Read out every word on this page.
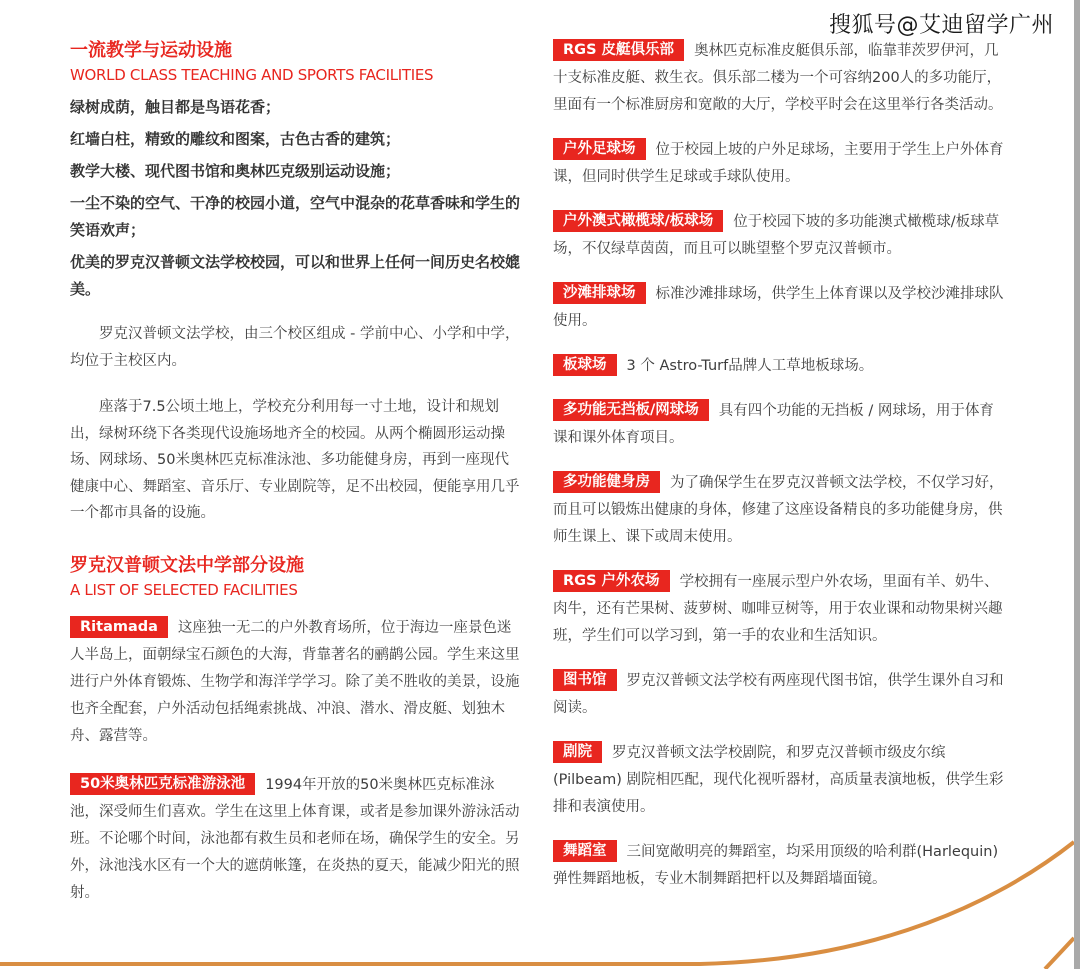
搜狐号@艾迪留学广州
一流教学与运动设施
WORLD CLASS TEACHING AND SPORTS FACILITIES

绿树成荫，触目都是鸟语花香；

红墙白柱，精致的雕纹和图案，古色古香的建筑；

教学大楼、现代图书馆和奥林匹克级别运动设施；

一尘不染的空气、干净的校园小道，空气中混杂的花草香味和学生的笑语欢声；

优美的罗克汉普顿文法学校校园，可以和世界上任何一间历史名校媲美。

罗克汉普顿文法学校，由三个校区组成 - 学前中心、小学和中学，均位于主校区内。

座落于7.5公顷土地上，学校充分利用每一寸土地，设计和规划出，绿树环绕下各类现代设施场地齐全的校园。从两个椭圆形运动操场、网球场、50米奥林匹克标准泳池、多功能健身房，再到一座现代健康中心、舞蹈室、音乐厅、专业剧院等，足不出校园，便能享用几乎一个都市具备的设施。

罗克汉普顿文法中学部分设施
A LIST OF SELECTED FACILITIES

Ritamada 这座独一无二的户外教育场所，位于海边一座景色迷人半岛上，面朝绿宝石颜色的大海，背靠著名的鹂鹋公园。学生来这里进行户外体育锻炼、生物学和海洋学学习。除了美不胜收的美景，设施也齐全配套，户外活动包括绳索挑战、冲浪、潜水、滑皮艇、划独木舟、露营等。

50米奥林匹克标准游泳池 1994年开放的50米奥林匹克标准泳池，深受师生们喜欢。学生在这里上体育课，或者是参加课外游泳活动班。不论哪个时间，泳池都有救生员和老师在场，确保学生的安全。另外，泳池浅水区有一个大的遮荫帐篷，在炎热的夏天，能减少阳光的照射。

RGS 皮艇俱乐部 奥林匹克标准皮艇俱乐部，临靠菲茨罗伊河，几十支标准皮艇、救生衣。俱乐部二楼为一个可容纳200人的多功能厅，里面有一个标准厨房和宽敞的大厅，学校平时会在这里举行各类活动。

户外足球场 位于校园上坡的户外足球场，主要用于学生上户外体育课，但同时供学生足球或手球队使用。

户外澳式橄榄球/板球场 位于校园下坡的多功能澳式橄榄球/板球草场，不仅绿草茵茵，而且可以眺望整个罗克汉普顿市。

沙滩排球场 标准沙滩排球场，供学生上体育课以及学校沙滩排球队使用。

板球场 3 个 Astro-Turf品牌人工草地板球场。

多功能无挡板/网球场 具有四个功能的无挡板 / 网球场，用于体育课和课外体育项目。

多功能健身房 为了确保学生在罗克汉普顿文法学校，不仅学习好，而且可以锻炼出健康的身体，修建了这座设备精良的多功能健身房，供师生课上、课下或周末使用。

RGS 户外农场 学校拥有一座展示型户外农场，里面有羊、奶牛、肉牛，还有芒果树、菠萝树、咖啡豆树等，用于农业课和动物果树兴趣班，学生们可以学习到，第一手的农业和生活知识。

图书馆 罗克汉普顿文法学校有两座现代图书馆，供学生课外自习和阅读。

剧院 罗克汉普顿文法学校剧院，和罗克汉普顿市级皮尔缤 (Pilbeam) 剧院相匹配，现代化视听器材，高质量表演地板，供学生彩排和表演使用。

舞蹈室 三间宽敞明亮的舞蹈室，均采用顶级的哈利群(Harlequin)弹性舞蹈地板，专业木制舞蹈把杆以及舞蹈墙面镜。
